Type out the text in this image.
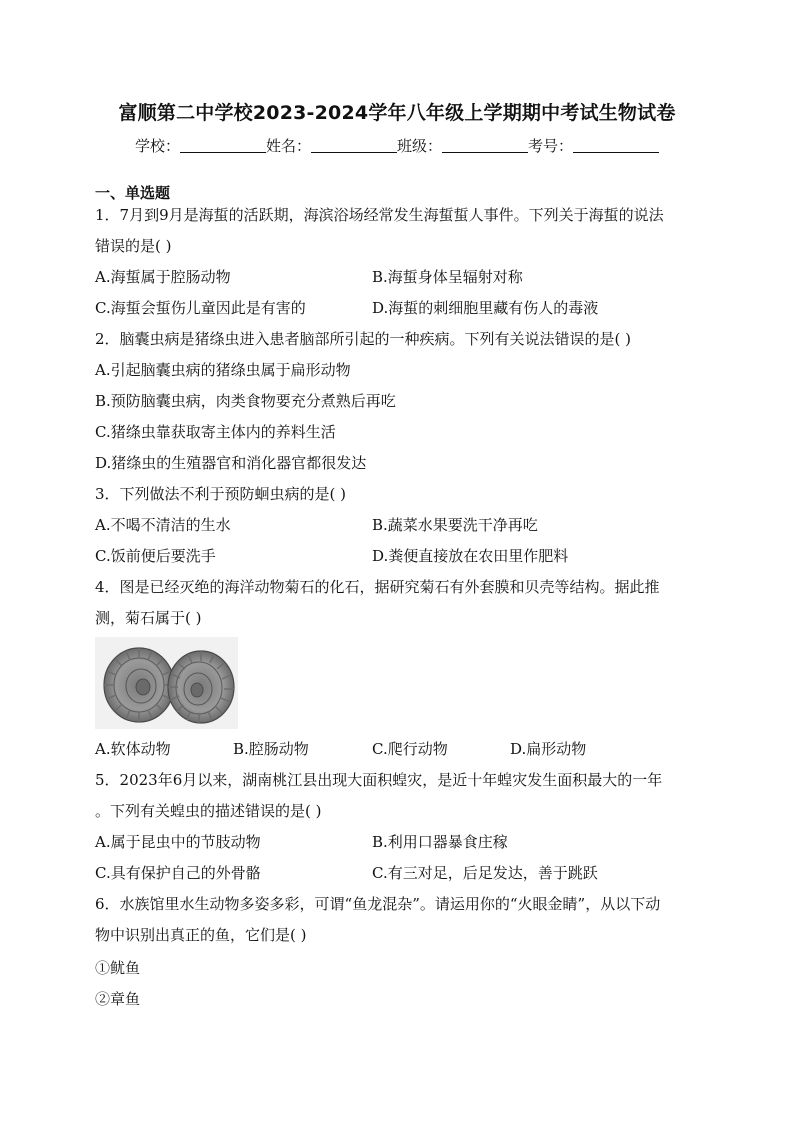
富顺第二中学校2023-2024学年八年级上学期期中考试生物试卷
学校：	姓名：	班级：	考号：
一、单选题
1．7月到9月是海蜇的活跃期，海滨浴场经常发生海蜇蜇人事件。下列关于海蜇的说法
错误的是( )
A.海蜇属于腔肠动物	B.海蜇身体呈辐射对称
C.海蜇会蜇伤儿童因此是有害的	D.海蜇的刺细胞里藏有伤人的毒液
2．脑囊虫病是猪绦虫进入患者脑部所引起的一种疾病。下列有关说法错误的是( )
A.引起脑囊虫病的猪绦虫属于扁形动物
B.预防脑囊虫病，肉类食物要充分煮熟后再吃
C.猪绦虫靠获取寄主体内的养料生活
D.猪绦虫的生殖器官和消化器官都很发达
3．下列做法不利于预防蛔虫病的是( )
A.不喝不清洁的生水	B.蔬菜水果要洗干净再吃
C.饭前便后要洗手	D.粪便直接放在农田里作肥料
4．图是已经灭绝的海洋动物菊石的化石，据研究菊石有外套膜和贝壳等结构。据此推
测，菊石属于( )
A.软体动物	B.腔肠动物	C.爬行动物	D.扁形动物
5．2023年6月以来，湖南桃江县出现大面积蝗灾，是近十年蝗灾发生面积最大的一年
。下列有关蝗虫的描述错误的是( )
A.属于昆虫中的节肢动物	B.利用口器暴食庄稼
C.具有保护自己的外骨骼	C.有三对足，后足发达，善于跳跃
6．水族馆里水生动物多姿多彩，可谓“鱼龙混杂”。请运用你的“火眼金睛”，从以下动
物中识别出真正的鱼，它们是( )
①鱿鱼
②章鱼
